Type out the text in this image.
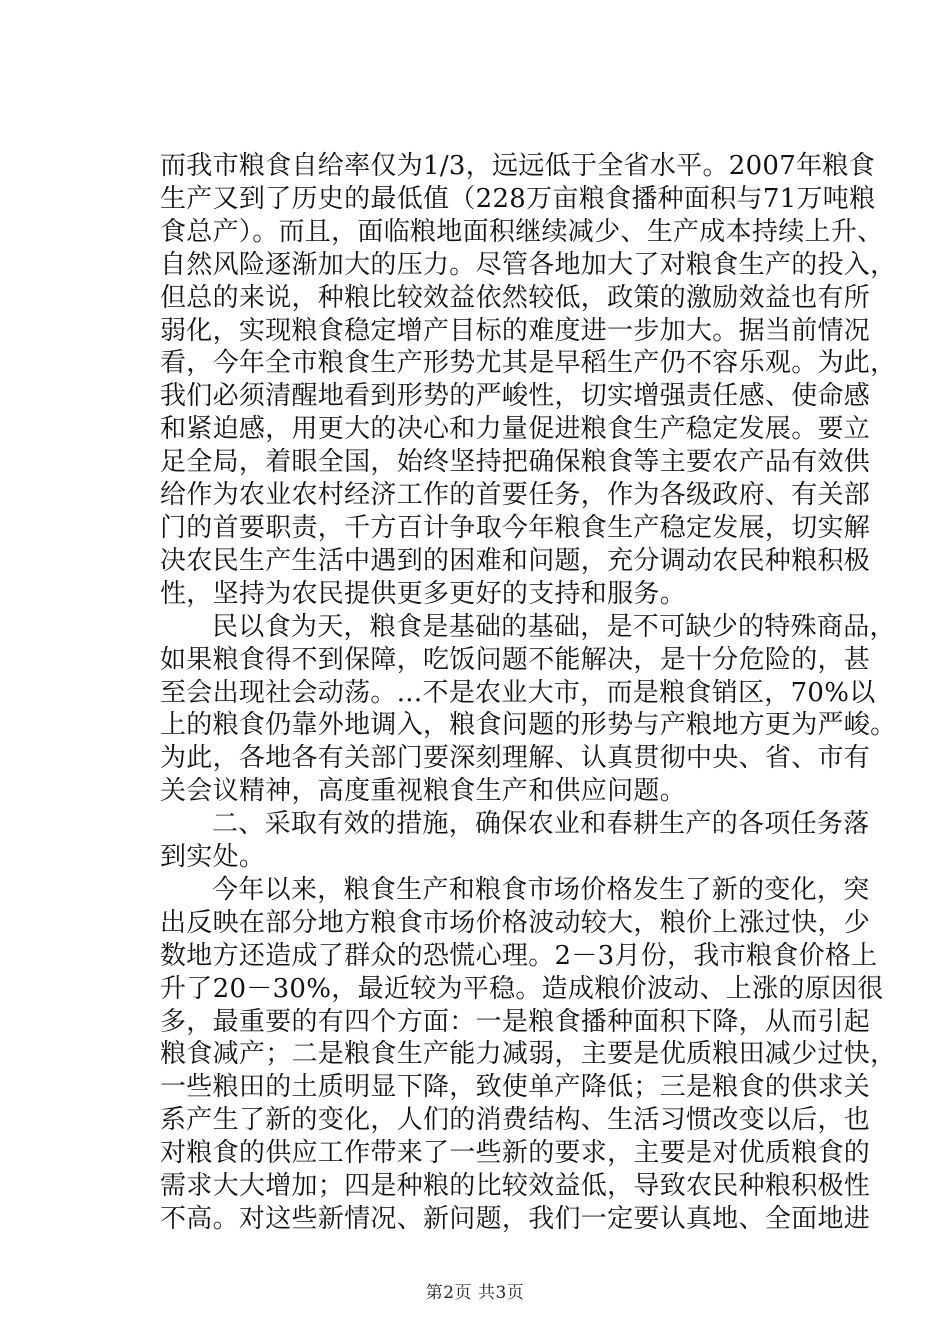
而我市粮食自给率仅为1/3，远远低于全省水平。2007年粮食
生产又到了历史的最低值（228万亩粮食播种面积与71万吨粮
食总产）。而且，面临粮地面积继续减少、生产成本持续上升、
自然风险逐渐加大的压力。尽管各地加大了对粮食生产的投入，
但总的来说，种粮比较效益依然较低，政策的激励效益也有所
弱化，实现粮食稳定增产目标的难度进一步加大。据当前情况
看，今年全市粮食生产形势尤其是早稻生产仍不容乐观。为此，
我们必须清醒地看到形势的严峻性，切实增强责任感、使命感
和紧迫感，用更大的决心和力量促进粮食生产稳定发展。要立
足全局，着眼全国，始终坚持把确保粮食等主要农产品有效供
给作为农业农村经济工作的首要任务，作为各级政府、有关部
门的首要职责，千方百计争取今年粮食生产稳定发展，切实解
决农民生产生活中遇到的困难和问题，充分调动农民种粮积极
性，坚持为农民提供更多更好的支持和服务。

民以食为天，粮食是基础的基础，是不可缺少的特殊商品，
如果粮食得不到保障，吃饭问题不能解决，是十分危险的，甚
至会出现社会动荡。...不是农业大市，而是粮食销区，70%以
上的粮食仍靠外地调入，粮食问题的形势与产粮地方更为严峻。
为此，各地各有关部门要深刻理解、认真贯彻中央、省、市有
关会议精神，高度重视粮食生产和供应问题。

二、采取有效的措施，确保农业和春耕生产的各项任务落
到实处。

今年以来，粮食生产和粮食市场价格发生了新的变化，突
出反映在部分地方粮食市场价格波动较大，粮价上涨过快，少
数地方还造成了群众的恐慌心理。2－3月份，我市粮食价格上
升了20－30%，最近较为平稳。造成粮价波动、上涨的原因很
多，最重要的有四个方面：一是粮食播种面积下降，从而引起
粮食减产；二是粮食生产能力减弱，主要是优质粮田减少过快，
一些粮田的土质明显下降，致使单产降低；三是粮食的供求关
系产生了新的变化，人们的消费结构、生活习惯改变以后，也
对粮食的供应工作带来了一些新的要求，主要是对优质粮食的
需求大大增加；四是种粮的比较效益低，导致农民种粮积极性
不高。对这些新情况、新问题，我们一定要认真地、全面地进

第2页 共3页
